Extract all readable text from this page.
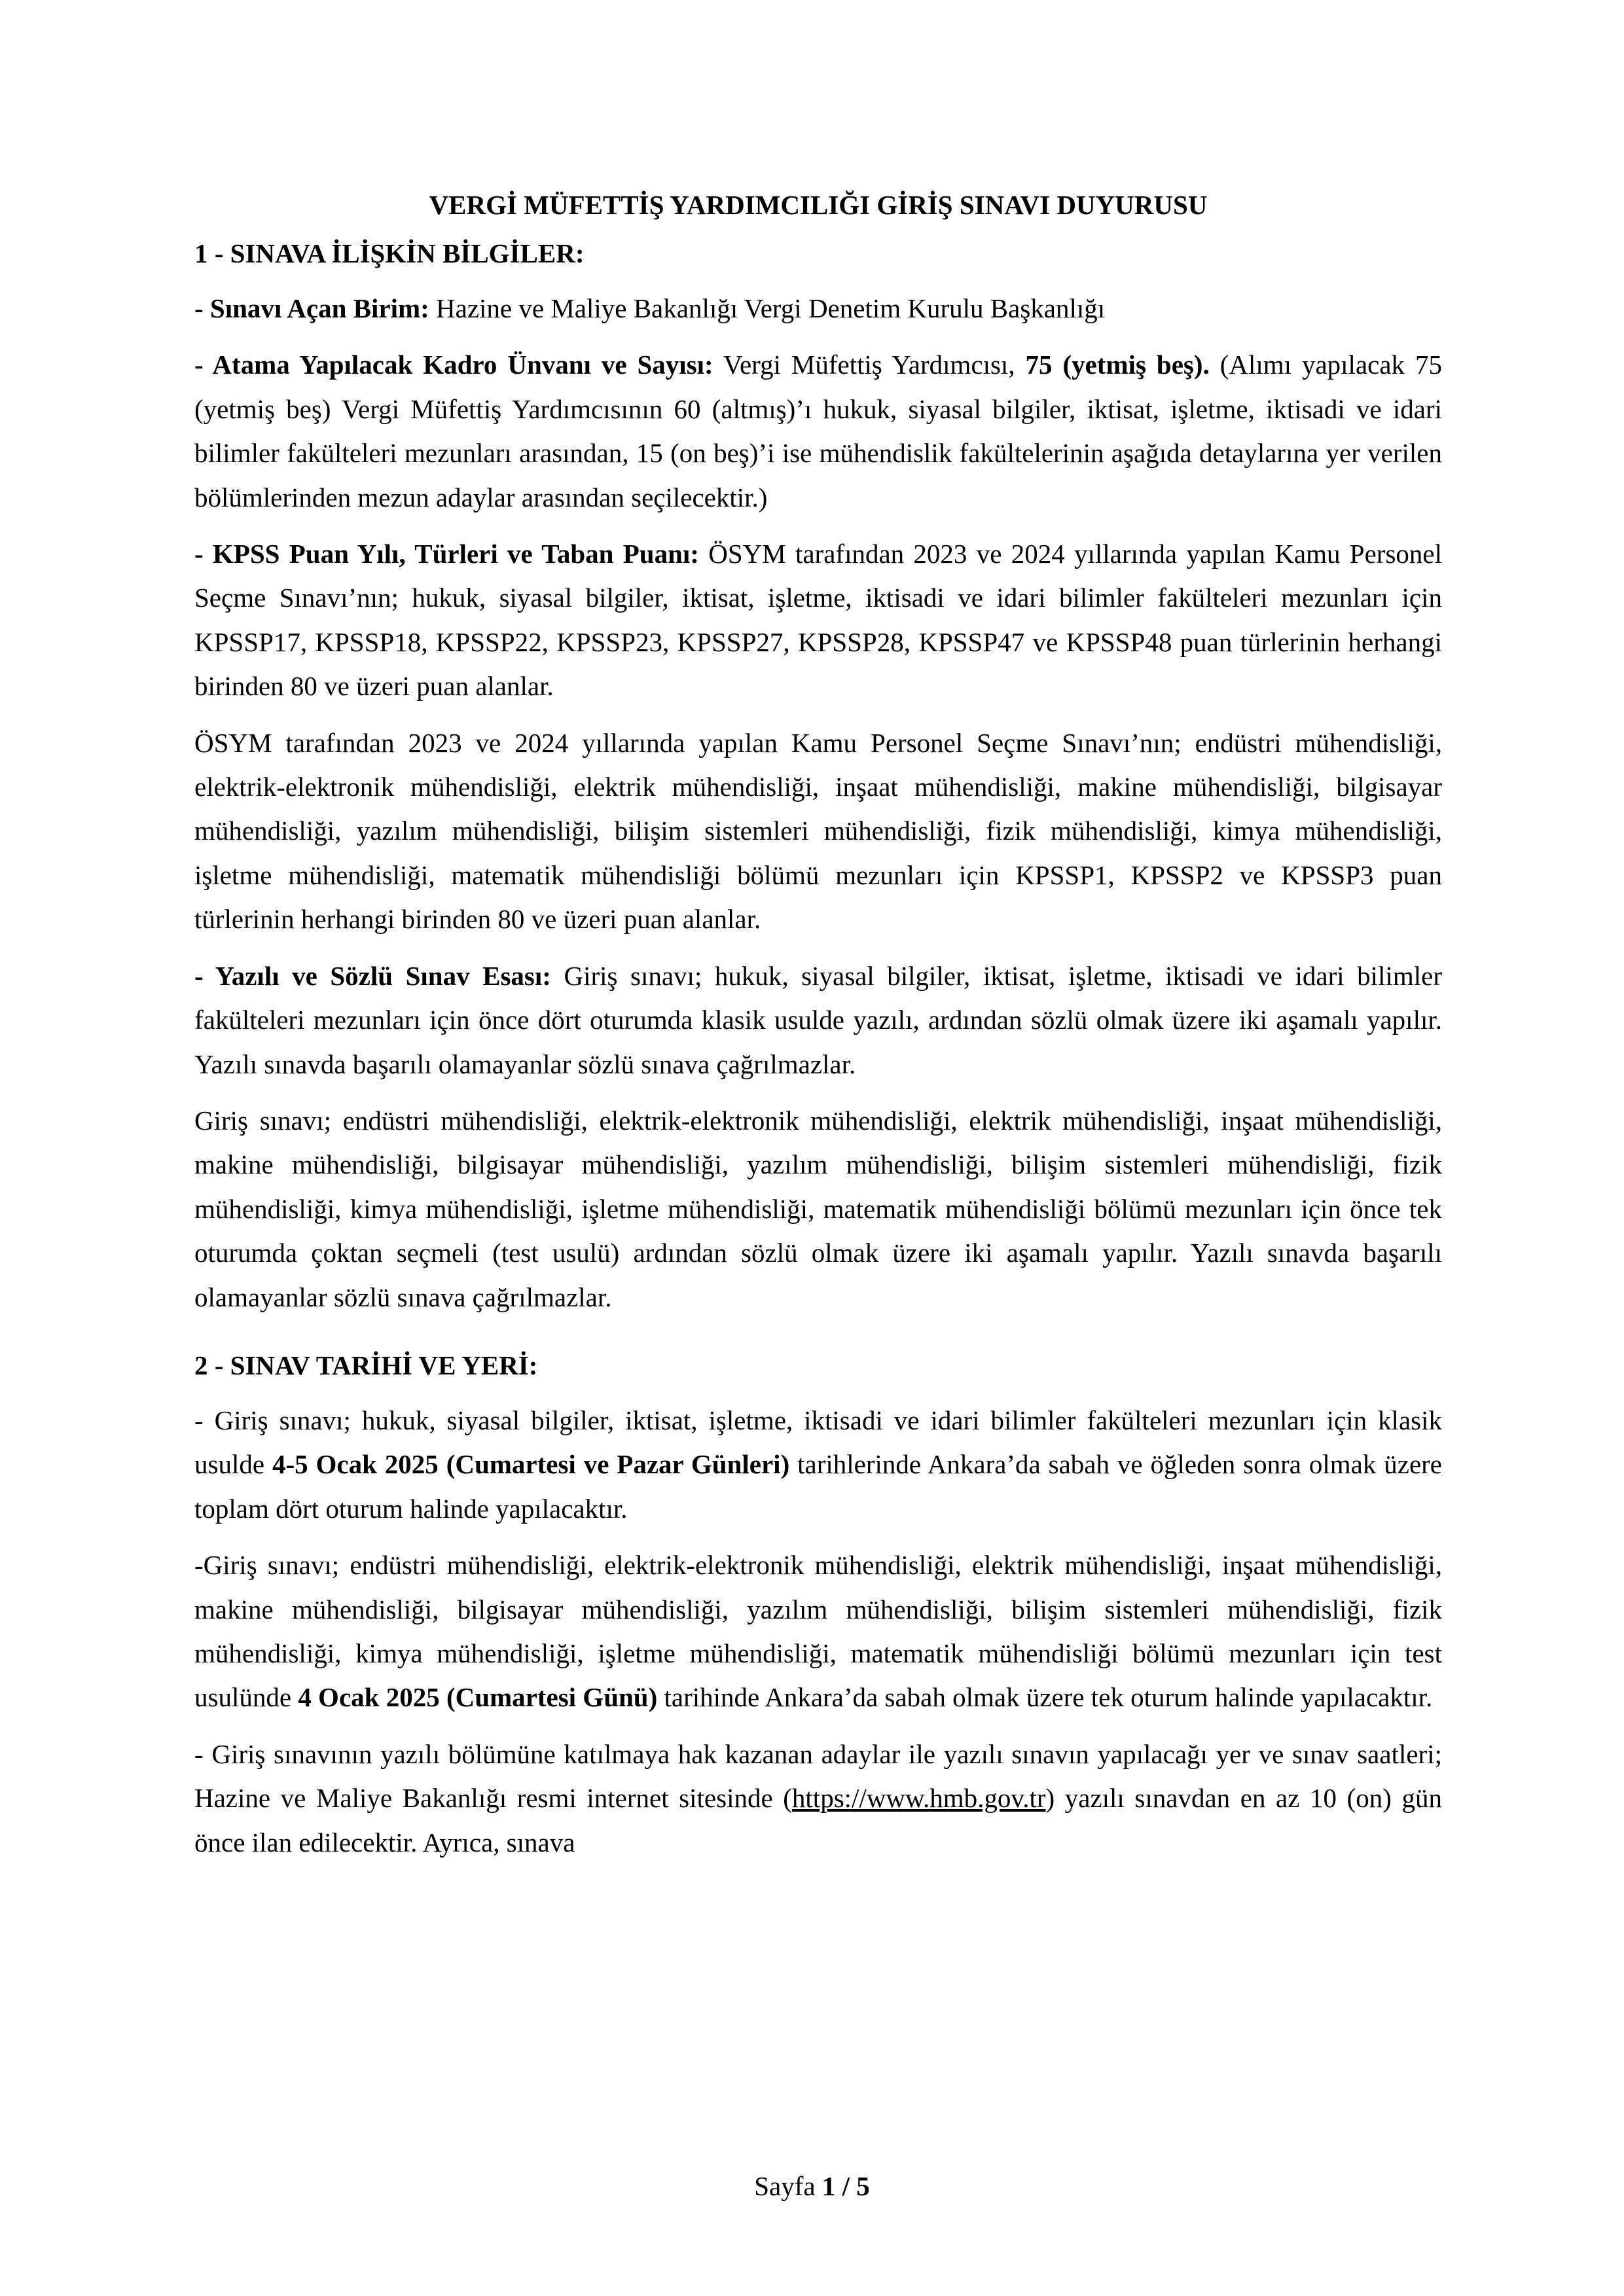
VERGİ MÜFETTİŞ YARDIMCILIĞI GİRİŞ SINAVI DUYURUSU
1 - SINAVA İLİŞKİN BİLGİLER:

- Sınavı Açan Birim: Hazine ve Maliye Bakanlığı Vergi Denetim Kurulu Başkanlığı

- Atama Yapılacak Kadro Ünvanı ve Sayısı: Vergi Müfettiş Yardımcısı, 75 (yetmiş beş). (Alımı yapılacak 75 (yetmiş beş) Vergi Müfettiş Yardımcısının 60 (altmış)’ı hukuk, siyasal bilgiler, iktisat, işletme, iktisadi ve idari bilimler fakülteleri mezunları arasından, 15 (on beş)’i ise mühendislik fakültelerinin aşağıda detaylarına yer verilen bölümlerinden mezun adaylar arasından seçilecektir.)

- KPSS Puan Yılı, Türleri ve Taban Puanı: ÖSYM tarafından 2023 ve 2024 yıllarında yapılan Kamu Personel Seçme Sınavı’nın; hukuk, siyasal bilgiler, iktisat, işletme, iktisadi ve idari bilimler fakülteleri mezunları için KPSSP17, KPSSP18, KPSSP22, KPSSP23, KPSSP27, KPSSP28, KPSSP47 ve KPSSP48 puan türlerinin herhangi birinden 80 ve üzeri puan alanlar.

ÖSYM tarafından 2023 ve 2024 yıllarında yapılan Kamu Personel Seçme Sınavı’nın; endüstri mühendisliği, elektrik-elektronik mühendisliği, elektrik mühendisliği, inşaat mühendisliği, makine mühendisliği, bilgisayar mühendisliği, yazılım mühendisliği, bilişim sistemleri mühendisliği, fizik mühendisliği, kimya mühendisliği, işletme mühendisliği, matematik mühendisliği bölümü mezunları için KPSSP1, KPSSP2 ve KPSSP3 puan türlerinin herhangi birinden 80 ve üzeri puan alanlar.

- Yazılı ve Sözlü Sınav Esası: Giriş sınavı; hukuk, siyasal bilgiler, iktisat, işletme, iktisadi ve idari bilimler fakülteleri mezunları için önce dört oturumda klasik usulde yazılı, ardından sözlü olmak üzere iki aşamalı yapılır. Yazılı sınavda başarılı olamayanlar sözlü sınava çağrılmazlar.

Giriş sınavı; endüstri mühendisliği, elektrik-elektronik mühendisliği, elektrik mühendisliği, inşaat mühendisliği, makine mühendisliği, bilgisayar mühendisliği, yazılım mühendisliği, bilişim sistemleri mühendisliği, fizik mühendisliği, kimya mühendisliği, işletme mühendisliği, matematik mühendisliği bölümü mezunları için önce tek oturumda çoktan seçmeli (test usulü) ardından sözlü olmak üzere iki aşamalı yapılır. Yazılı sınavda başarılı olamayanlar sözlü sınava çağrılmazlar.

2 - SINAV TARİHİ VE YERİ:

- Giriş sınavı; hukuk, siyasal bilgiler, iktisat, işletme, iktisadi ve idari bilimler fakülteleri mezunları için klasik usulde 4-5 Ocak 2025 (Cumartesi ve Pazar Günleri) tarihlerinde Ankara’da sabah ve öğleden sonra olmak üzere toplam dört oturum halinde yapılacaktır.

-Giriş sınavı; endüstri mühendisliği, elektrik-elektronik mühendisliği, elektrik mühendisliği, inşaat mühendisliği, makine mühendisliği, bilgisayar mühendisliği, yazılım mühendisliği, bilişim sistemleri mühendisliği, fizik mühendisliği, kimya mühendisliği, işletme mühendisliği, matematik mühendisliği bölümü mezunları için test usulünde 4 Ocak 2025 (Cumartesi Günü) tarihinde Ankara’da sabah olmak üzere tek oturum halinde yapılacaktır.

- Giriş sınavının yazılı bölümüne katılmaya hak kazanan adaylar ile yazılı sınavın yapılacağı yer ve sınav saatleri; Hazine ve Maliye Bakanlığı resmi internet sitesinde (https://www.hmb.gov.tr) yazılı sınavdan en az 10 (on) gün önce ilan edilecektir. Ayrıca, sınava

Sayfa 1 / 5
